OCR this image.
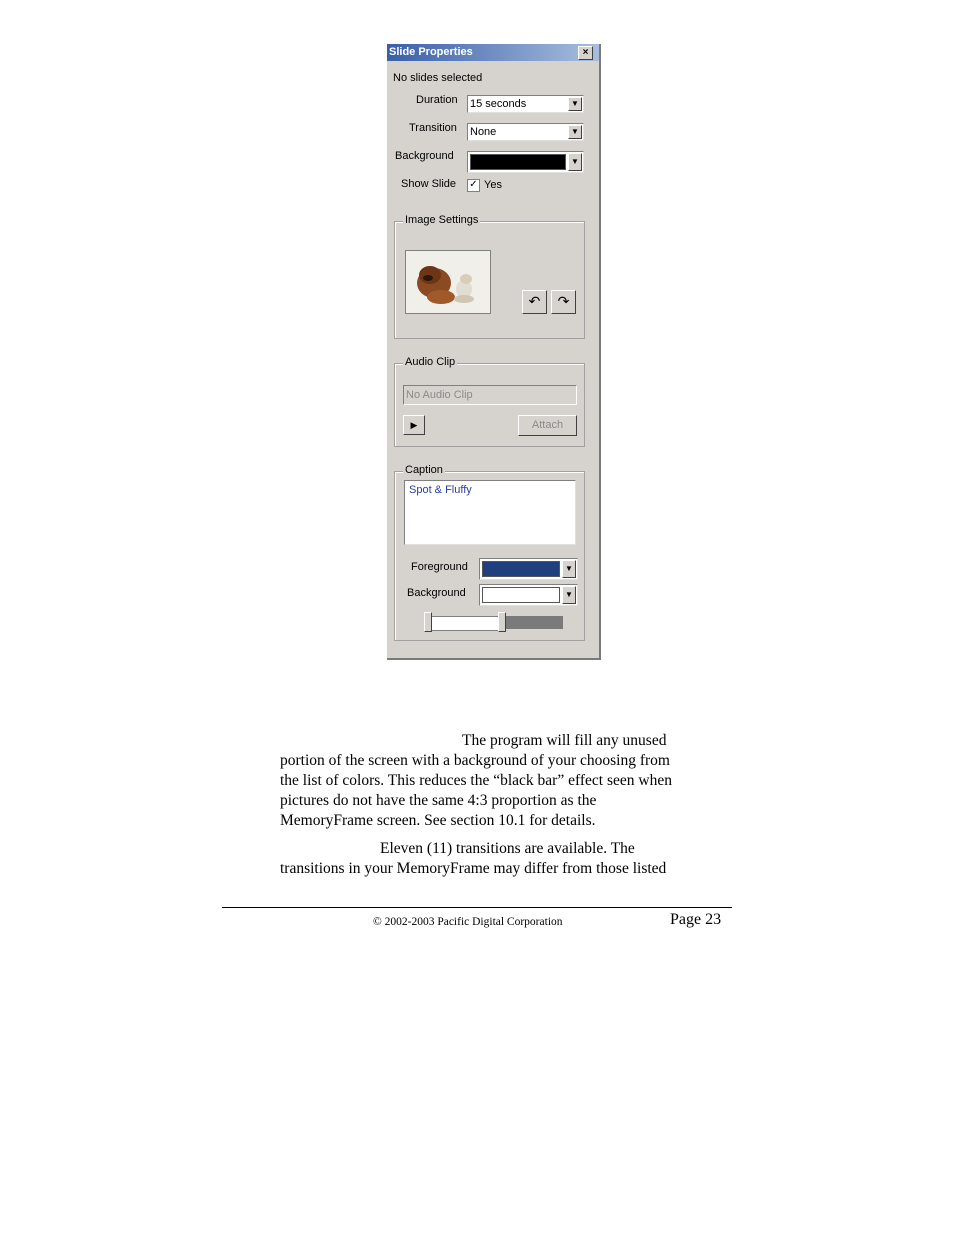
Slide Properties	×
No slides selected
Duration 15 seconds	▼
Transition None	▼
Background	▼
Show Slide ✓ Yes
Image Settings
↶	↷
Audio Clip
No Audio Clip
▶	Attach
Caption
Spot & Fluffy
Foreground	▼
Background	▼
The program will fill any unused
portion of the screen with a background of your choosing from
the list of colors. This reduces the “black bar” effect seen when
pictures do not have the same 4:3 proportion as the
MemoryFrame screen. See section 10.1 for details.
Eleven (11) transitions are available. The
transitions in your MemoryFrame may differ from those listed
© 2002-2003 Pacific Digital Corporation	Page 23
